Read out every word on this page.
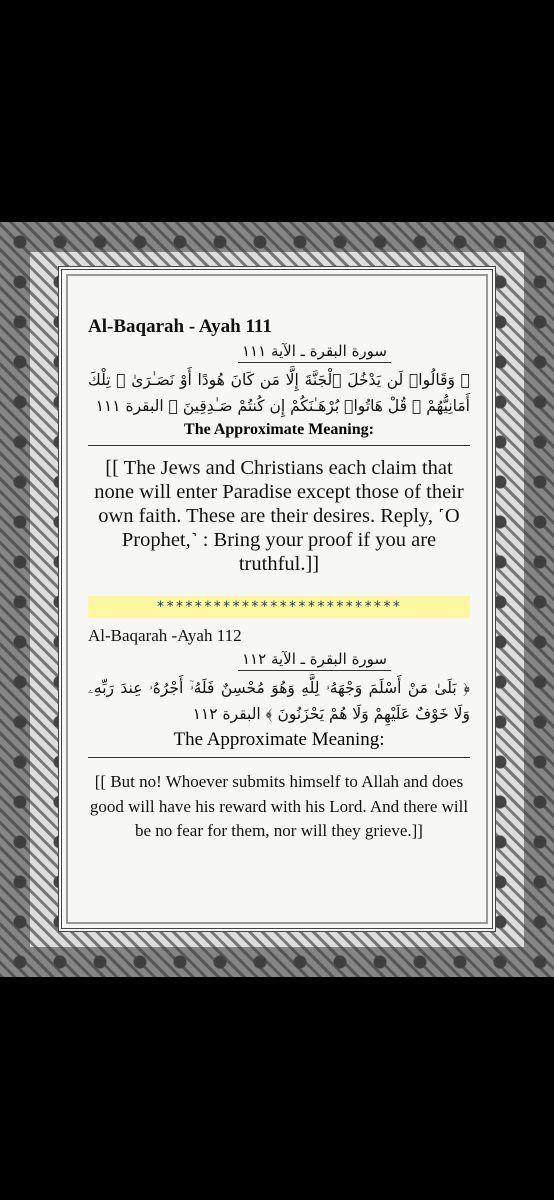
Al-Baqarah - Ayah 111
سورة البقرة ـ الآية ١١١
﴿ وَقَالُوا۟ لَن يَدْخُلَ ٱلْجَنَّةَ إِلَّا مَن كَانَ هُودًا أَوْ نَصَـٰرَىٰ ۗ تِلْكَ أَمَانِيُّهُمْ ۗ قُلْ هَاتُوا۟ بُرْهَـٰنَكُمْ إِن كُنتُمْ صَـٰدِقِينَ ﴾ البقرة ١١١
The Approximate Meaning:
[[ The Jews and Christians each claim that none will enter Paradise except those of their own faith. These are their desires. Reply, ˹O Prophet,˺ : Bring your proof if you are truthful.]]
**************************
Al-Baqarah -Ayah 112
سورة البقرة ـ الآية ١١٢
﴿ بَلَىٰ مَنْ أَسْلَمَ وَجْهَهُۥ لِلَّهِ وَهُوَ مُحْسِنٌ فَلَهُۥٓ أَجْرُهُۥ عِندَ رَبِّهِۦ وَلَا خَوْفٌ عَلَيْهِمْ وَلَا هُمْ يَحْزَنُونَ ﴾ البقرة ١١٢
The Approximate Meaning:
[[ But no! Whoever submits himself to Allah and does good will have his reward with his Lord. And there will be no fear for them, nor will they grieve.]]
